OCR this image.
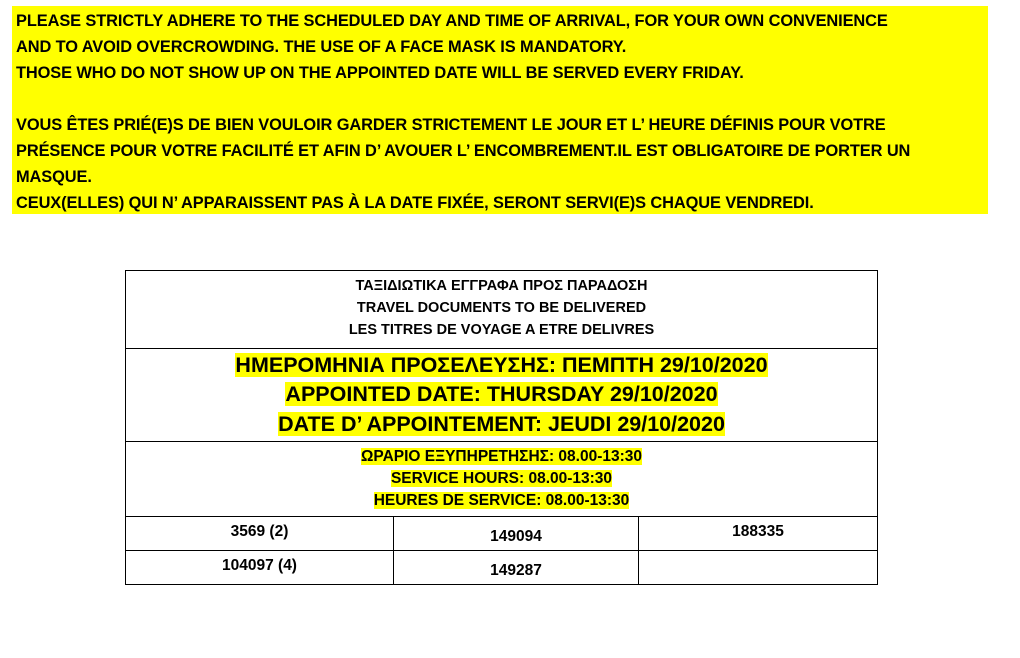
PLEASE STRICTLY ADHERE TO THE SCHEDULED DAY AND TIME OF ARRIVAL, FOR YOUR OWN CONVENIENCE
AND TO AVOID OVERCROWDING. THE USE OF A FACE MASK IS MANDATORY.
THOSE WHO DO NOT SHOW UP ON THE APPOINTED DATE WILL BE SERVED EVERY FRIDAY.
VOUS ÊTES PRIÉ(E)S DE BIEN VOULOIR GARDER STRICTEMENT LE JOUR ET L’ HEURE DÉFINIS POUR VOTRE
PRÉSENCE POUR VOTRE FACILITÉ ET AFIN D’ AVOUER L’ ENCOMBREMENT.IL EST OBLIGATOIRE DE PORTER UN
MASQUE.
CEUX(ELLES) QUI N’ APPARAISSENT PAS À LA DATE FIXÉE, SERONT SERVI(E)S CHAQUE VENDREDI.
ΤΑΞΙΔΙΩΤΙΚΑ ΕΓΓΡΑΦΑ ΠΡΟΣ ΠΑΡΑΔΟΣΗ
TRAVEL DOCUMENTS TO BE DELIVERED
LES TITRES DE VOYAGE A ETRE DELIVRES		

ΗΜΕΡΟΜΗΝΙΑ ΠΡΟΣΕΛΕΥΣΗΣ: ΠΕΜΠΤΗ 29/10/2020
APPOINTED DATE: THURSDAY 29/10/2020
DATE D’ APPOINTEMENT: JEUDI 29/10/2020		

ΩΡΑΡΙΟ ΕΞΥΠΗΡΕΤΗΣΗΣ: 08.00-13:30
SERVICE HOURS: 08.00-13:30
HEURES DE SERVICE: 08.00-13:30		

3569 (2)	149094	188335
104097 (4)	149287	
